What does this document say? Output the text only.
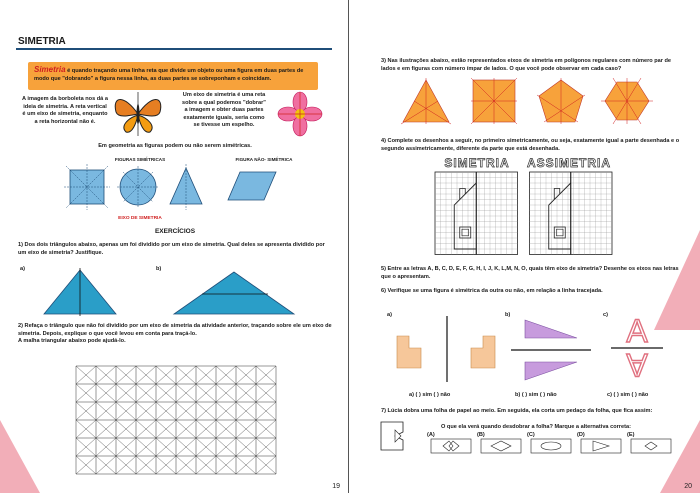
SIMETRIA
Simetria é quando traçando uma linha reta que divide um objeto ou uma figura em duas partes de modo que "dobrando" a figura nessa linha, as duas partes se sobreponham e coincidam.
A imagem da borboleta nos dá a ideia de simetria. A reta vertical é um eixo de simetria, enquanto a reta horizontal não é.
Um eixo de simetria é uma reta sobre a qual podemos "dobrar" a imagem e obter duas partes exatamente iguais, seria como se tivesse um espelho.
Em geometria as figuras podem ou não serem simétricas.
FIGURAS SIMÉTRICAS	FIGURA NÃO- SIMÉTRICA
EIXO DE SIMETRIA
EXERCÍCIOS
1) Dos dois triângulos abaixo, apenas um foi dividido por um eixo de simetria. Qual deles se apresenta dividido por um eixo de simetria? Justifique.
a)	b)
2) Refaça o triângulo que não foi dividido por um eixo de simetria da atividade anterior, traçando sobre ele um eixo de simetria. Depois, explique o que você levou em conta para traçá-lo.
A malha triangular abaixo pode ajudá-lo.
19
3) Nas ilustrações abaixo, estão representados eixos de simetria em polígonos regulares com número par de lados e em figuras com número ímpar de lados. O que você pode observar em cada caso?
4) Complete os desenhos a seguir, no primeiro simetricamente, ou seja, exatamente igual a parte desenhada e o segundo assimetricamente, diferente da parte que está desenhada.
SIMETRIA	ASSIMETRIA
5) Entre as letras A, B, C, D, E, F, G, H, I, J, K, L,M, N, O, quais têm eixo de simetria? Desenhe os eixos nas letras que o apresentam.
6) Verifique se uma figura é simétrica da outra ou não, em relação a linha tracejada.
a)	b)	c) A
A
a) ( ) sim ( ) não	b) ( ) sim ( ) não	c) ( ) sim ( ) não
7) Lúcia dobra uma folha de papel ao meio. Em seguida, ela corta um pedaço da folha, que fica assim:
O que ela verá quando desdobrar a folha? Marque a alternativa correta:
(A)	(B)	(C)	(D)	(E)
20
